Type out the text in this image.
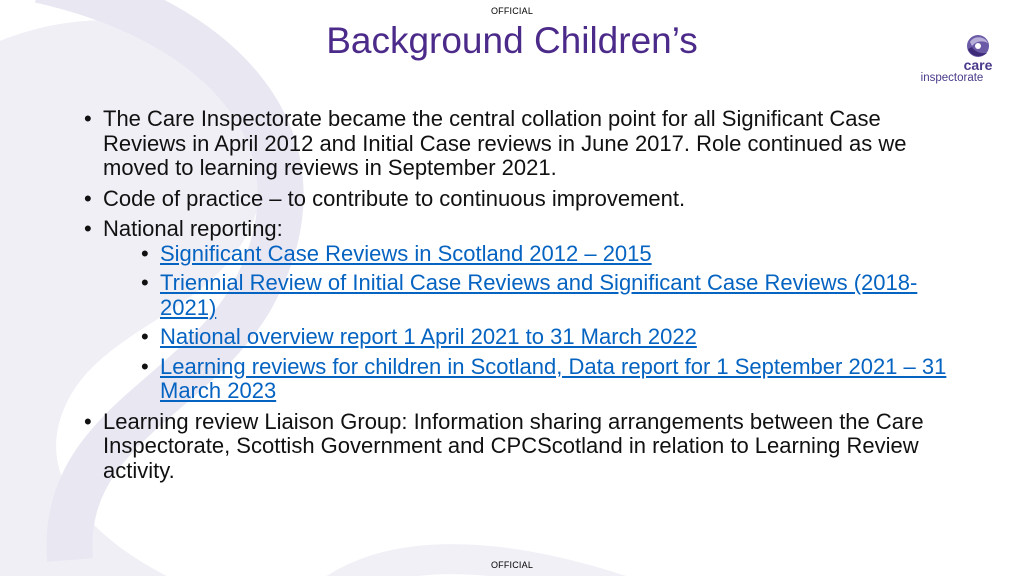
OFFICIAL
Background Children’s
care
inspectorate
• The Care Inspectorate became the central collation point for all Significant Case Reviews in April 2012 and Initial Case reviews in June 2017. Role continued as we moved to learning reviews in September 2021.
• Code of practice – to contribute to continuous improvement.
• National reporting:
• Significant Case Reviews in Scotland 2012 – 2015
• Triennial Review of Initial Case Reviews and Significant Case Reviews (2018-2021)
• National overview report 1 April 2021 to 31 March 2022
• Learning reviews for children in Scotland, Data report for 1 September 2021 – 31 March 2023
• Learning review Liaison Group: Information sharing arrangements between the Care Inspectorate, Scottish Government and CPCScotland in relation to Learning Review activity.
OFFICIAL
